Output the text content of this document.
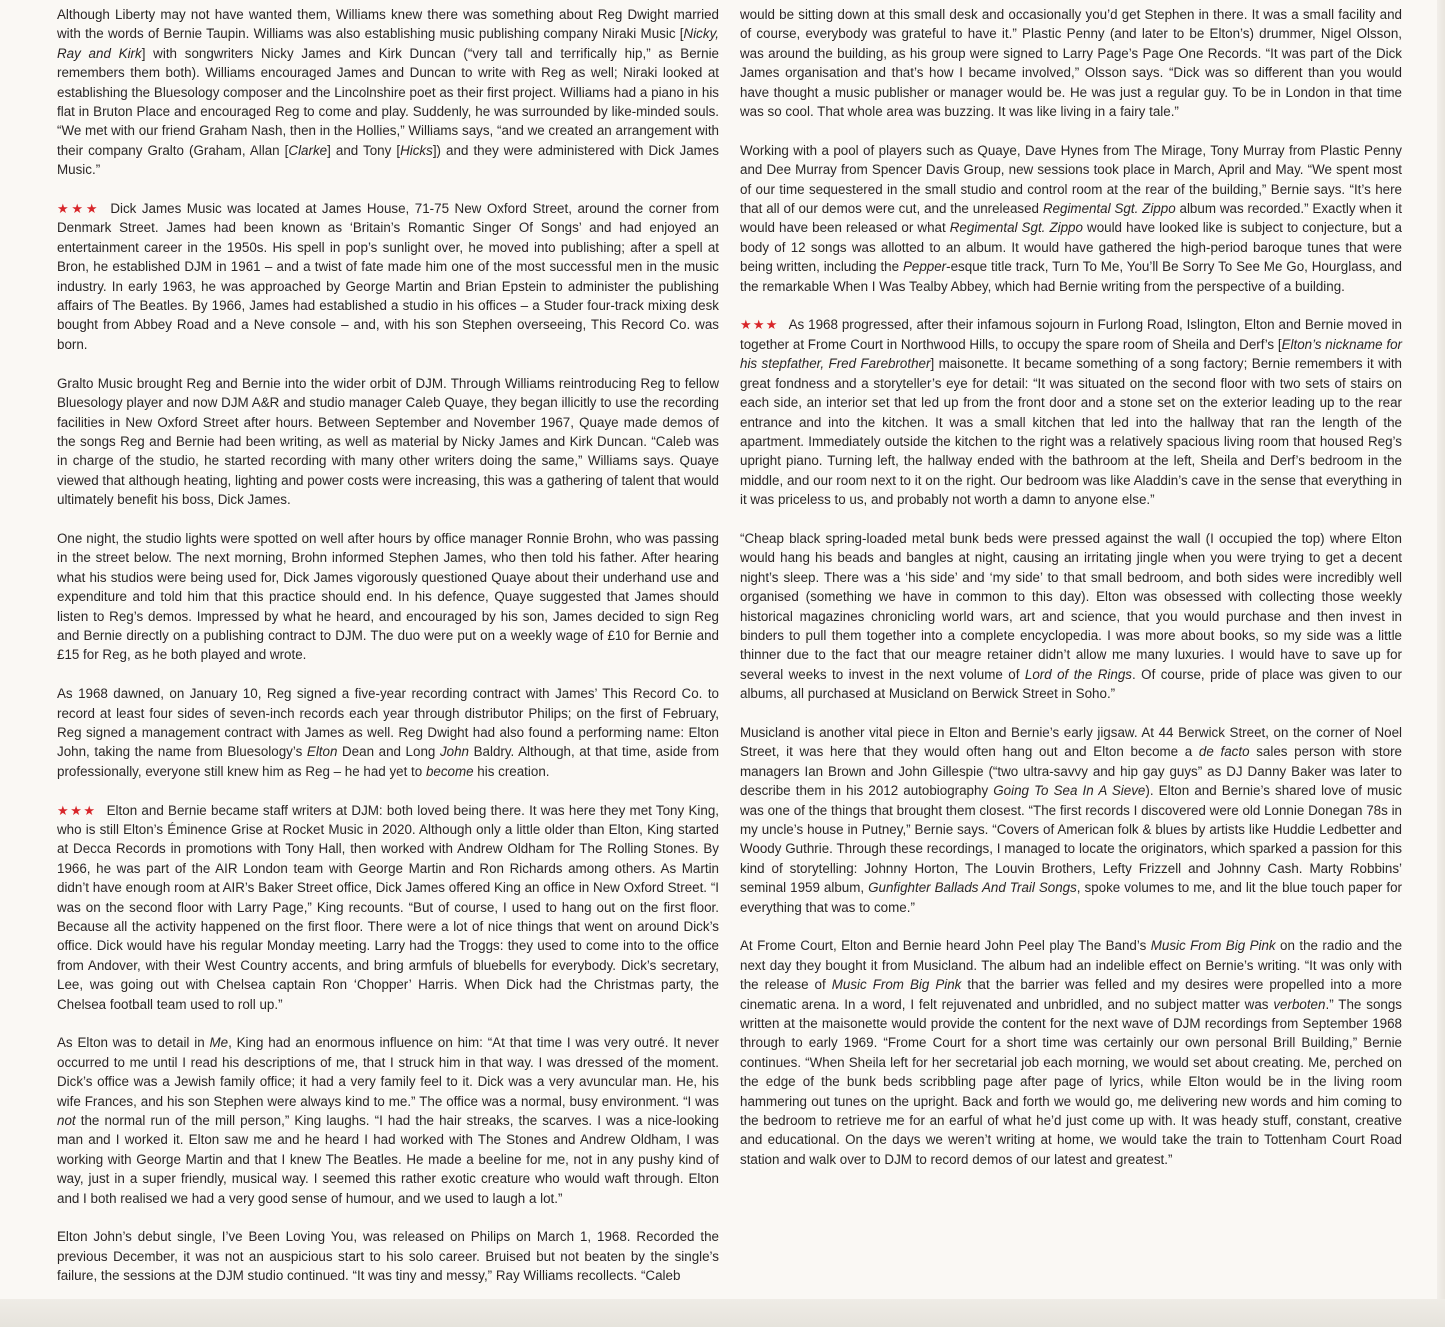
Although Liberty may not have wanted them, Williams knew there was something about Reg Dwight married with the words of Bernie Taupin. Williams was also establishing music publishing company Niraki Music [Nicky, Ray and Kirk] with songwriters Nicky James and Kirk Duncan (“very tall and terrifically hip,” as Bernie remembers them both). Williams encouraged James and Duncan to write with Reg as well; Niraki looked at establishing the Bluesology composer and the Lincolnshire poet as their first project. Williams had a piano in his flat in Bruton Place and encouraged Reg to come and play. Suddenly, he was surrounded by like-minded souls. “We met with our friend Graham Nash, then in the Hollies,” Williams says, “and we created an arrangement with their company Gralto (Graham, Allan [Clarke] and Tony [Hicks]) and they were administered with Dick James Music.”

★★★ Dick James Music was located at James House, 71-75 New Oxford Street, around the corner from Denmark Street. James had been known as ‘Britain’s Romantic Singer Of Songs’ and had enjoyed an entertainment career in the 1950s. His spell in pop’s sunlight over, he moved into publishing; after a spell at Bron, he established DJM in 1961 – and a twist of fate made him one of the most successful men in the music industry. In early 1963, he was approached by George Martin and Brian Epstein to administer the publishing affairs of The Beatles. By 1966, James had established a studio in his offices – a Studer four-track mixing desk bought from Abbey Road and a Neve console – and, with his son Stephen overseeing, This Record Co. was born.

Gralto Music brought Reg and Bernie into the wider orbit of DJM. Through Williams reintroducing Reg to fellow Bluesology player and now DJM A&R and studio manager Caleb Quaye, they began illicitly to use the recording facilities in New Oxford Street after hours. Between September and November 1967, Quaye made demos of the songs Reg and Bernie had been writing, as well as material by Nicky James and Kirk Duncan. “Caleb was in charge of the studio, he started recording with many other writers doing the same,” Williams says. Quaye viewed that although heating, lighting and power costs were increasing, this was a gathering of talent that would ultimately benefit his boss, Dick James.

One night, the studio lights were spotted on well after hours by office manager Ronnie Brohn, who was passing in the street below. The next morning, Brohn informed Stephen James, who then told his father. After hearing what his studios were being used for, Dick James vigorously questioned Quaye about their underhand use and expenditure and told him that this practice should end. In his defence, Quaye suggested that James should listen to Reg’s demos. Impressed by what he heard, and encouraged by his son, James decided to sign Reg and Bernie directly on a publishing contract to DJM. The duo were put on a weekly wage of £10 for Bernie and £15 for Reg, as he both played and wrote.

As 1968 dawned, on January 10, Reg signed a five-year recording contract with James’ This Record Co. to record at least four sides of seven-inch records each year through distributor Philips; on the first of February, Reg signed a management contract with James as well. Reg Dwight had also found a performing name: Elton John, taking the name from Bluesology’s Elton Dean and Long John Baldry. Although, at that time, aside from professionally, everyone still knew him as Reg – he had yet to become his creation.

★★★ Elton and Bernie became staff writers at DJM: both loved being there. It was here they met Tony King, who is still Elton’s Éminence Grise at Rocket Music in 2020. Although only a little older than Elton, King started at Decca Records in promotions with Tony Hall, then worked with Andrew Oldham for The Rolling Stones. By 1966, he was part of the AIR London team with George Martin and Ron Richards among others. As Martin didn’t have enough room at AIR’s Baker Street office, Dick James offered King an office in New Oxford Street. “I was on the second floor with Larry Page,” King recounts. “But of course, I used to hang out on the first floor. Because all the activity happened on the first floor. There were a lot of nice things that went on around Dick’s office. Dick would have his regular Monday meeting. Larry had the Troggs: they used to come into to the office from Andover, with their West Country accents, and bring armfuls of bluebells for everybody. Dick’s secretary, Lee, was going out with Chelsea captain Ron ‘Chopper’ Harris. When Dick had the Christmas party, the Chelsea football team used to roll up.”

As Elton was to detail in Me, King had an enormous influence on him: “At that time I was very outré. It never occurred to me until I read his descriptions of me, that I struck him in that way. I was dressed of the moment. Dick’s office was a Jewish family office; it had a very family feel to it. Dick was a very avuncular man. He, his wife Frances, and his son Stephen were always kind to me.” The office was a normal, busy environment. “I was not the normal run of the mill person,” King laughs. “I had the hair streaks, the scarves. I was a nice-looking man and I worked it. Elton saw me and he heard I had worked with The Stones and Andrew Oldham, I was working with George Martin and that I knew The Beatles. He made a beeline for me, not in any pushy kind of way, just in a super friendly, musical way. I seemed this rather exotic creature who would waft through. Elton and I both realised we had a very good sense of humour, and we used to laugh a lot.”

Elton John’s debut single, I’ve Been Loving You, was released on Philips on March 1, 1968. Recorded the previous December, it was not an auspicious start to his solo career. Bruised but not beaten by the single’s failure, the sessions at the DJM studio continued. “It was tiny and messy,” Ray Williams recollects. “Caleb

would be sitting down at this small desk and occasionally you’d get Stephen in there. It was a small facility and of course, everybody was grateful to have it.” Plastic Penny (and later to be Elton’s) drummer, Nigel Olsson, was around the building, as his group were signed to Larry Page’s Page One Records. “It was part of the Dick James organisation and that’s how I became involved,” Olsson says. “Dick was so different than you would have thought a music publisher or manager would be. He was just a regular guy. To be in London in that time was so cool. That whole area was buzzing. It was like living in a fairy tale.”

Working with a pool of players such as Quaye, Dave Hynes from The Mirage, Tony Murray from Plastic Penny and Dee Murray from Spencer Davis Group, new sessions took place in March, April and May. “We spent most of our time sequestered in the small studio and control room at the rear of the building,” Bernie says. “It’s here that all of our demos were cut, and the unreleased Regimental Sgt. Zippo album was recorded.” Exactly when it would have been released or what Regimental Sgt. Zippo would have looked like is subject to conjecture, but a body of 12 songs was allotted to an album. It would have gathered the high-period baroque tunes that were being written, including the Pepper-esque title track, Turn To Me, You’ll Be Sorry To See Me Go, Hourglass, and the remarkable When I Was Tealby Abbey, which had Bernie writing from the perspective of a building.

★★★ As 1968 progressed, after their infamous sojourn in Furlong Road, Islington, Elton and Bernie moved in together at Frome Court in Northwood Hills, to occupy the spare room of Sheila and Derf’s [Elton’s nickname for his stepfather, Fred Farebrother] maisonette. It became something of a song factory; Bernie remembers it with great fondness and a storyteller’s eye for detail: “It was situated on the second floor with two sets of stairs on each side, an interior set that led up from the front door and a stone set on the exterior leading up to the rear entrance and into the kitchen. It was a small kitchen that led into the hallway that ran the length of the apartment. Immediately outside the kitchen to the right was a relatively spacious living room that housed Reg’s upright piano. Turning left, the hallway ended with the bathroom at the left, Sheila and Derf’s bedroom in the middle, and our room next to it on the right. Our bedroom was like Aladdin’s cave in the sense that everything in it was priceless to us, and probably not worth a damn to anyone else.”

“Cheap black spring-loaded metal bunk beds were pressed against the wall (I occupied the top) where Elton would hang his beads and bangles at night, causing an irritating jingle when you were trying to get a decent night’s sleep. There was a ‘his side’ and ‘my side’ to that small bedroom, and both sides were incredibly well organised (something we have in common to this day). Elton was obsessed with collecting those weekly historical magazines chronicling world wars, art and science, that you would purchase and then invest in binders to pull them together into a complete encyclopedia. I was more about books, so my side was a little thinner due to the fact that our meagre retainer didn’t allow me many luxuries. I would have to save up for several weeks to invest in the next volume of Lord of the Rings. Of course, pride of place was given to our albums, all purchased at Musicland on Berwick Street in Soho.”

Musicland is another vital piece in Elton and Bernie’s early jigsaw. At 44 Berwick Street, on the corner of Noel Street, it was here that they would often hang out and Elton become a de facto sales person with store managers Ian Brown and John Gillespie (“two ultra-savvy and hip gay guys” as DJ Danny Baker was later to describe them in his 2012 autobiography Going To Sea In A Sieve). Elton and Bernie’s shared love of music was one of the things that brought them closest. “The first records I discovered were old Lonnie Donegan 78s in my uncle’s house in Putney,” Bernie says. “Covers of American folk & blues by artists like Huddie Ledbetter and Woody Guthrie. Through these recordings, I managed to locate the originators, which sparked a passion for this kind of storytelling: Johnny Horton, The Louvin Brothers, Lefty Frizzell and Johnny Cash. Marty Robbins’ seminal 1959 album, Gunfighter Ballads And Trail Songs, spoke volumes to me, and lit the blue touch paper for everything that was to come.”

At Frome Court, Elton and Bernie heard John Peel play The Band’s Music From Big Pink on the radio and the next day they bought it from Musicland. The album had an indelible effect on Bernie’s writing. “It was only with the release of Music From Big Pink that the barrier was felled and my desires were propelled into a more cinematic arena. In a word, I felt rejuvenated and unbridled, and no subject matter was verboten.” The songs written at the maisonette would provide the content for the next wave of DJM recordings from September 1968 through to early 1969. “Frome Court for a short time was certainly our own personal Brill Building,” Bernie continues. “When Sheila left for her secretarial job each morning, we would set about creating. Me, perched on the edge of the bunk beds scribbling page after page of lyrics, while Elton would be in the living room hammering out tunes on the upright. Back and forth we would go, me delivering new words and him coming to the bedroom to retrieve me for an earful of what he’d just come up with. It was heady stuff, constant, creative and educational. On the days we weren’t writing at home, we would take the train to Tottenham Court Road station and walk over to DJM to record demos of our latest and greatest.”
